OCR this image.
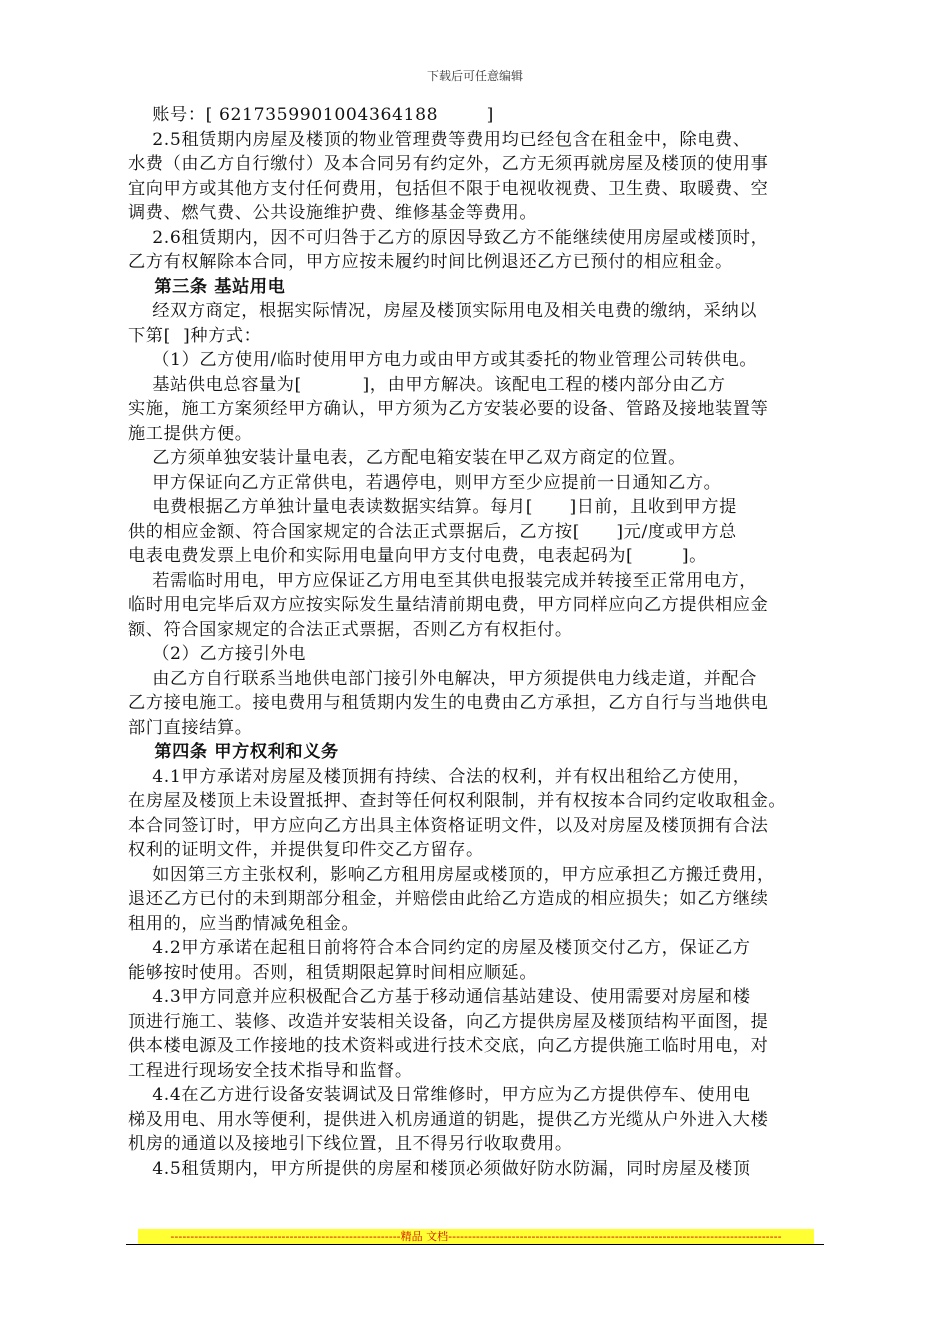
下载后可任意编辑
账号：[ 6217359901004364188        ]
2.5租赁期内房屋及楼顶的物业管理费等费用均已经包含在租金中，除电费、
水费（由乙方自行缴付）及本合同另有约定外，乙方无须再就房屋及楼顶的使用事
宜向甲方或其他方支付任何费用，包括但不限于电视收视费、卫生费、取暖费、空
调费、燃气费、公共设施维护费、维修基金等费用。
2.6租赁期内，因不可归咎于乙方的原因导致乙方不能继续使用房屋或楼顶时，
乙方有权解除本合同，甲方应按未履约时间比例退还乙方已预付的相应租金。
第三条 基站用电
经双方商定，根据实际情况，房屋及楼顶实际用电及相关电费的缴纳，采纳以
下第[  ]种方式：
（1）乙方使用/临时使用甲方电力或由甲方或其委托的物业管理公司转供电。
基站供电总容量为[          ]，由甲方解决。该配电工程的楼内部分由乙方
实施，施工方案须经甲方确认，甲方须为乙方安装必要的设备、管路及接地装置等
施工提供方便。
乙方须单独安装计量电表，乙方配电箱安装在甲乙双方商定的位置。
甲方保证向乙方正常供电，若遇停电，则甲方至少应提前一日通知乙方。
电费根据乙方单独计量电表读数据实结算。每月[      ]日前，且收到甲方提
供的相应金额、符合国家规定的合法正式票据后，乙方按[      ]元/度或甲方总
电表电费发票上电价和实际用电量向甲方支付电费，电表起码为[        ]。
若需临时用电，甲方应保证乙方用电至其供电报装完成并转接至正常用电方，
临时用电完毕后双方应按实际发生量结清前期电费，甲方同样应向乙方提供相应金
额、符合国家规定的合法正式票据，否则乙方有权拒付。
（2）乙方接引外电
由乙方自行联系当地供电部门接引外电解决，甲方须提供电力线走道，并配合
乙方接电施工。接电费用与租赁期内发生的电费由乙方承担，乙方自行与当地供电
部门直接结算。
第四条 甲方权利和义务
4.1甲方承诺对房屋及楼顶拥有持续、合法的权利，并有权出租给乙方使用，
在房屋及楼顶上未设置抵押、查封等任何权利限制，并有权按本合同约定收取租金。
本合同签订时，甲方应向乙方出具主体资格证明文件，以及对房屋及楼顶拥有合法
权利的证明文件，并提供复印件交乙方留存。
如因第三方主张权利，影响乙方租用房屋或楼顶的，甲方应承担乙方搬迁费用，
退还乙方已付的未到期部分租金，并赔偿由此给乙方造成的相应损失；如乙方继续
租用的，应当酌情减免租金。
4.2甲方承诺在起租日前将符合本合同约定的房屋及楼顶交付乙方，保证乙方
能够按时使用。否则，租赁期限起算时间相应顺延。
4.3甲方同意并应积极配合乙方基于移动通信基站建设、使用需要对房屋和楼
顶进行施工、装修、改造并安装相关设备，向乙方提供房屋及楼顶结构平面图，提
供本楼电源及工作接地的技术资料或进行技术交底，向乙方提供施工临时用电，对
工程进行现场安全技术指导和监督。
4.4在乙方进行设备安装调试及日常维修时，甲方应为乙方提供停车、使用电
梯及用电、用水等便利，提供进入机房通道的钥匙，提供乙方光缆从户外进入大楼
机房的通道以及接地引下线位置，且不得另行收取费用。
4.5租赁期内，甲方所提供的房屋和楼顶必须做好防水防漏，同时房屋及楼顶
----------------------------------------------------------精品 文档------------------------------------------------------------------------------------
